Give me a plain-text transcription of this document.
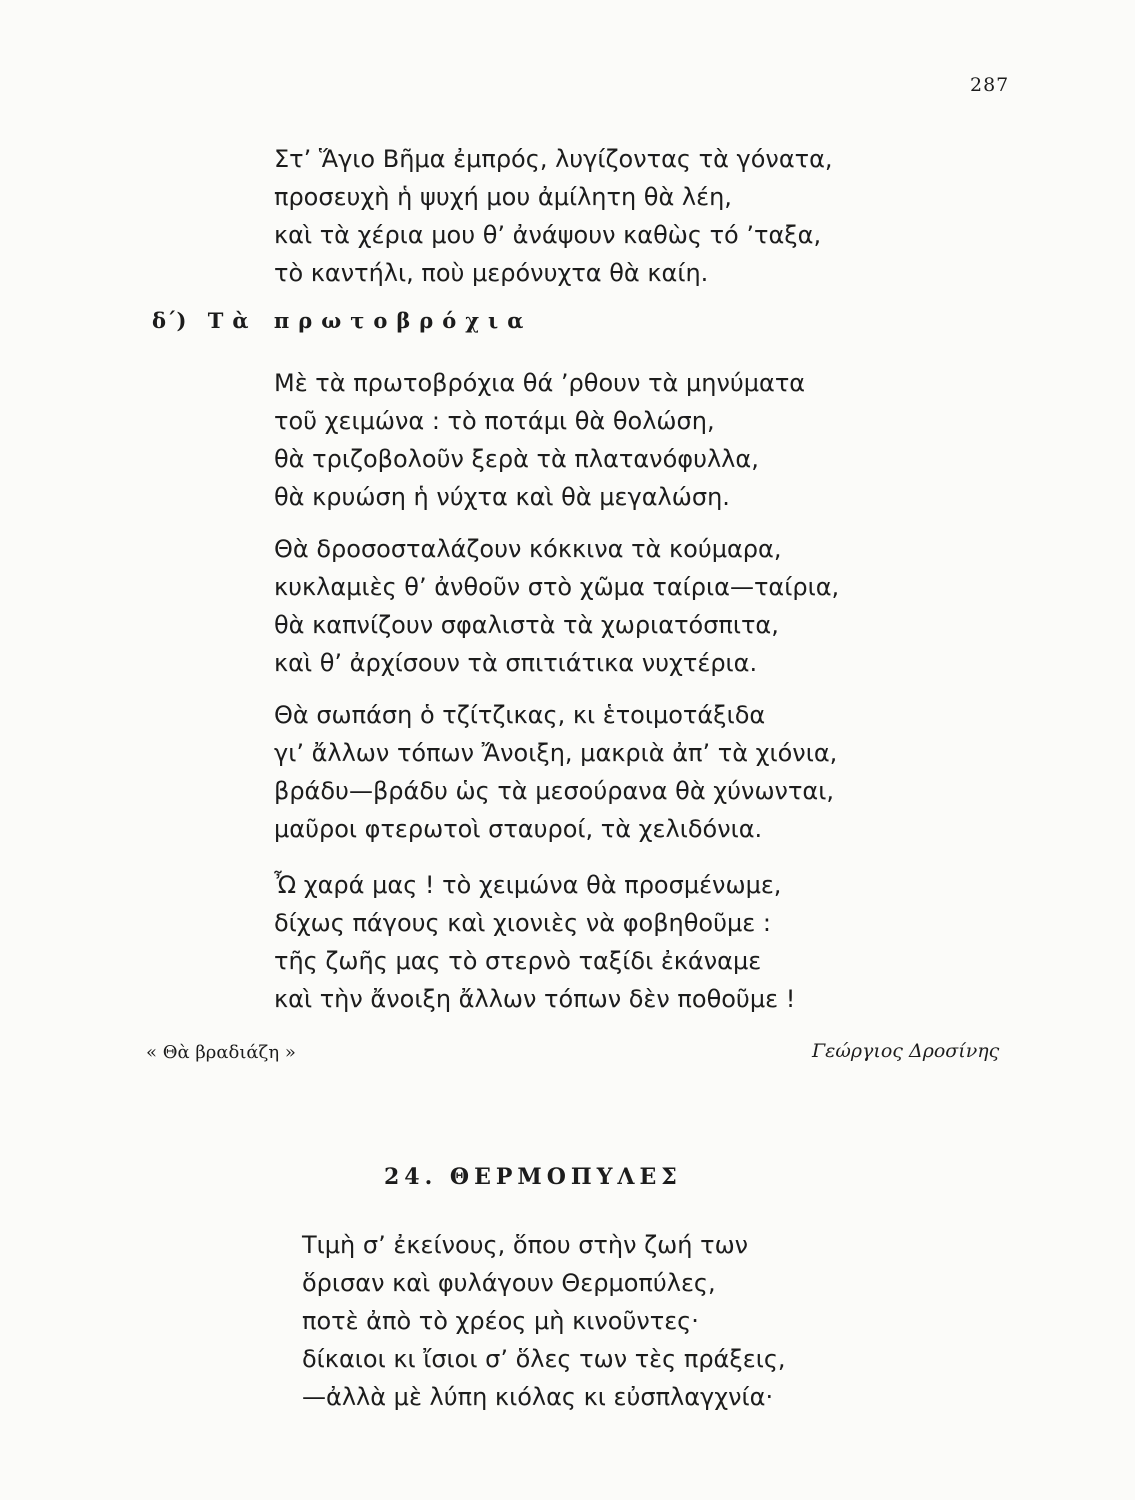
287
Στ’ Ἅγιο Βῆμα ἐμπρός, λυγίζοντας τὰ γόνατα,
προσευχὴ ἡ ψυχή μου ἀμίλητη θὰ λέη,
καὶ τὰ χέρια μου θ’ ἀνάψουν καθὼς τό ’ταξα,
τὸ καντήλι, ποὺ μερόνυχτα θὰ καίη.
δ΄) Τὰ πρωτοβρόχια
Μὲ τὰ πρωτοβρόχια θά ’ρθουν τὰ μηνύματα
τοῦ χειμώνα : τὸ ποτάμι θὰ θολώση,
θὰ τριζοβολοῦν ξερὰ τὰ πλατανόφυλλα,
θὰ κρυώση ἡ νύχτα καὶ θὰ μεγαλώση.
Θὰ δροσοσταλάζουν κόκκινα τὰ κούμαρα,
κυκλαμιὲς θ’ ἀνθοῦν στὸ χῶμα ταίρια—ταίρια,
θὰ καπνίζουν σφαλιστὰ τὰ χωριατόσπιτα,
καὶ θ’ ἀρχίσουν τὰ σπιτιάτικα νυχτέρια.
Θὰ σωπάση ὁ τζίτζικας, κι ἑτοιμοτάξιδα
γι’ ἄλλων τόπων Ἄνοιξη, μακριὰ ἀπ’ τὰ χιόνια,
βράδυ—βράδυ ὡς τὰ μεσούρανα θὰ χύνωνται,
μαῦροι φτερωτοὶ σταυροί, τὰ χελιδόνια.
Ὦ χαρά μας ! τὸ χειμώνα θὰ προσμένωμε,
δίχως πάγους καὶ χιονιὲς νὰ φοβηθοῦμε :
τῆς ζωῆς μας τὸ στερνὸ ταξίδι ἐκάναμε
καὶ τὴν ἄνοιξη ἄλλων τόπων δὲν ποθοῦμε !
« Θὰ βραδιάζη »	Γεώργιος Δροσίνης
24. ΘΕΡΜΟΠΥΛΕΣ
Τιμὴ σ’ ἐκείνους, ὅπου στὴν ζωή των
ὅρισαν καὶ φυλάγουν Θερμοπύλες,
ποτὲ ἀπὸ τὸ χρέος μὴ κινοῦντες·
δίκαιοι κι ἴσιοι σ’ ὅλες των τὲς πράξεις,
—ἀλλὰ μὲ λύπη κιόλας κι εὐσπλαγχνία·
